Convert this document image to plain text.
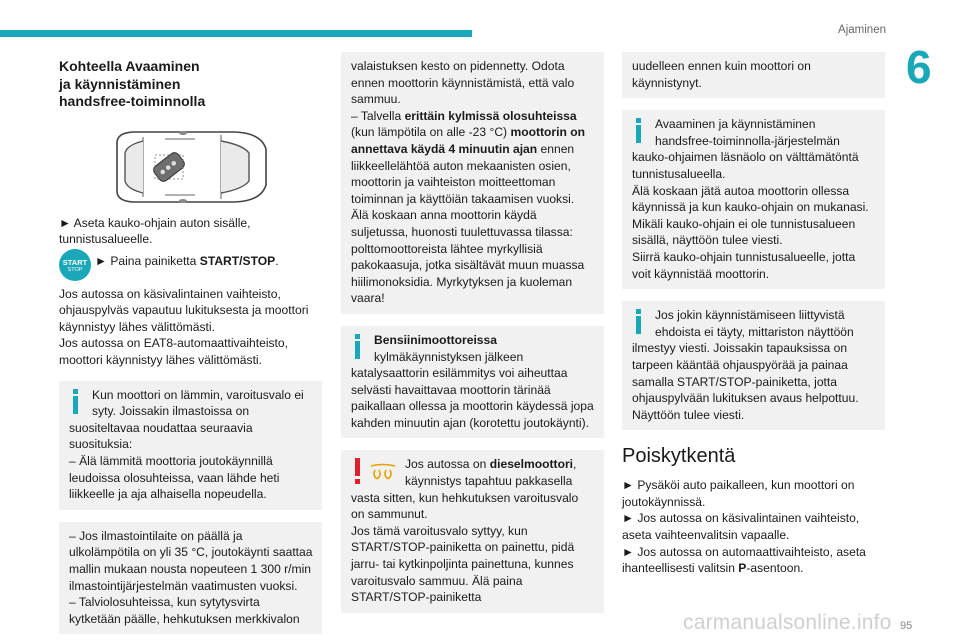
Ajaminen
6
Kohteella Avaaminen
ja käynnistäminen
handsfree-toiminnolla

► Aseta kauko-ohjain auton sisälle, tunnistusalueelle.

START
STOP

► Paina painiketta START/STOP.

Jos autossa on käsivalintainen vaihteisto, ohjauspylväs vapautuu lukituksesta ja moottori käynnistyy lähes välittömästi.

Jos autossa on EAT8-automaattivaihteisto, moottori käynnistyy lähes välittömästi.

Kun moottori on lämmin, varoitusvalo ei syty. Joissakin ilmastoissa on suositeltavaa noudattaa seuraavia suosituksia:

– Älä lämmitä moottoria joutokäynnillä leudoissa olosuhteissa, vaan lähde heti liikkeelle ja aja alhaisella nopeudella.

– Jos ilmastointilaite on päällä ja ulkolämpötila on yli 35 °C, joutokäynti saattaa mallin mukaan nousta nopeuteen 1 300 r/min ilmastointijärjestelmän vaatimusten vuoksi.

– Talviolosuhteissa, kun sytytysvirta kytketään päälle, hehkutuksen merkkivalon

valaistuksen kesto on pidennetty. Odota ennen moottorin käynnistämistä, että valo sammuu.

– Talvella erittäin kylmissä olosuhteissa (kun lämpötila on alle -23 °C) moottorin on annettava käydä 4 minuutin ajan ennen liikkeellelähtöä auton mekaanisten osien, moottorin ja vaihteiston moitteettoman toiminnan ja käyttöiän takaamisen vuoksi.

Älä koskaan anna moottorin käydä suljetussa, huonosti tuulettuvassa tilassa: polttomoottoreista lähtee myrkyllisiä pakokaasuja, jotka sisältävät muun muassa hiilimonoksidia. Myrkytyksen ja kuoleman vaara!

Bensiinimoottoreissa

kylmäkäynnistyksen jälkeen katalysaattorin esilämmitys voi aiheuttaa selvästi havaittavaa moottorin tärinää paikallaan ollessa ja moottorin käydessä jopa kahden minuutin ajan (korotettu joutokäynti).

Jos autossa on dieselmoottori, käynnistys tapahtuu pakkasella vasta sitten, kun hehkutuksen varoitusvalo on sammunut.

Jos tämä varoitusvalo syttyy, kun START/STOP-painiketta on painettu, pidä jarru- tai kytkinpoljinta painettuna, kunnes varoitusvalo sammuu. Älä paina START/STOP-painiketta

uudelleen ennen kuin moottori on käynnistynyt.

Avaaminen ja käynnistäminen handsfree-toiminnolla-järjestelmän kauko-ohjaimen läsnäolo on välttämätöntä tunnistusalueella.

Älä koskaan jätä autoa moottorin ollessa käynnissä ja kun kauko-ohjain on mukanasi.

Mikäli kauko-ohjain ei ole tunnistusalueen sisällä, näyttöön tulee viesti.

Siirrä kauko-ohjain tunnistusalueelle, jotta voit käynnistää moottorin.

Jos jokin käynnistämiseen liittyvistä ehdoista ei täyty, mittariston näyttöön ilmestyy viesti. Joissakin tapauksissa on tarpeen kääntää ohjauspyörää ja painaa samalla START/STOP-painiketta, jotta ohjauspylvään lukituksen avaus helpottuu.

Näyttöön tulee viesti.

Poiskytkentä

► Pysäköi auto paikalleen, kun moottori on joutokäynnissä.

► Jos autossa on käsivalintainen vaihteisto, aseta vaihteenvalitsin vapaalle.

► Jos autossa on automaattivaihteisto, aseta ihanteellisesti valitsin P-asentoon.

carmanualsonline.info 95
